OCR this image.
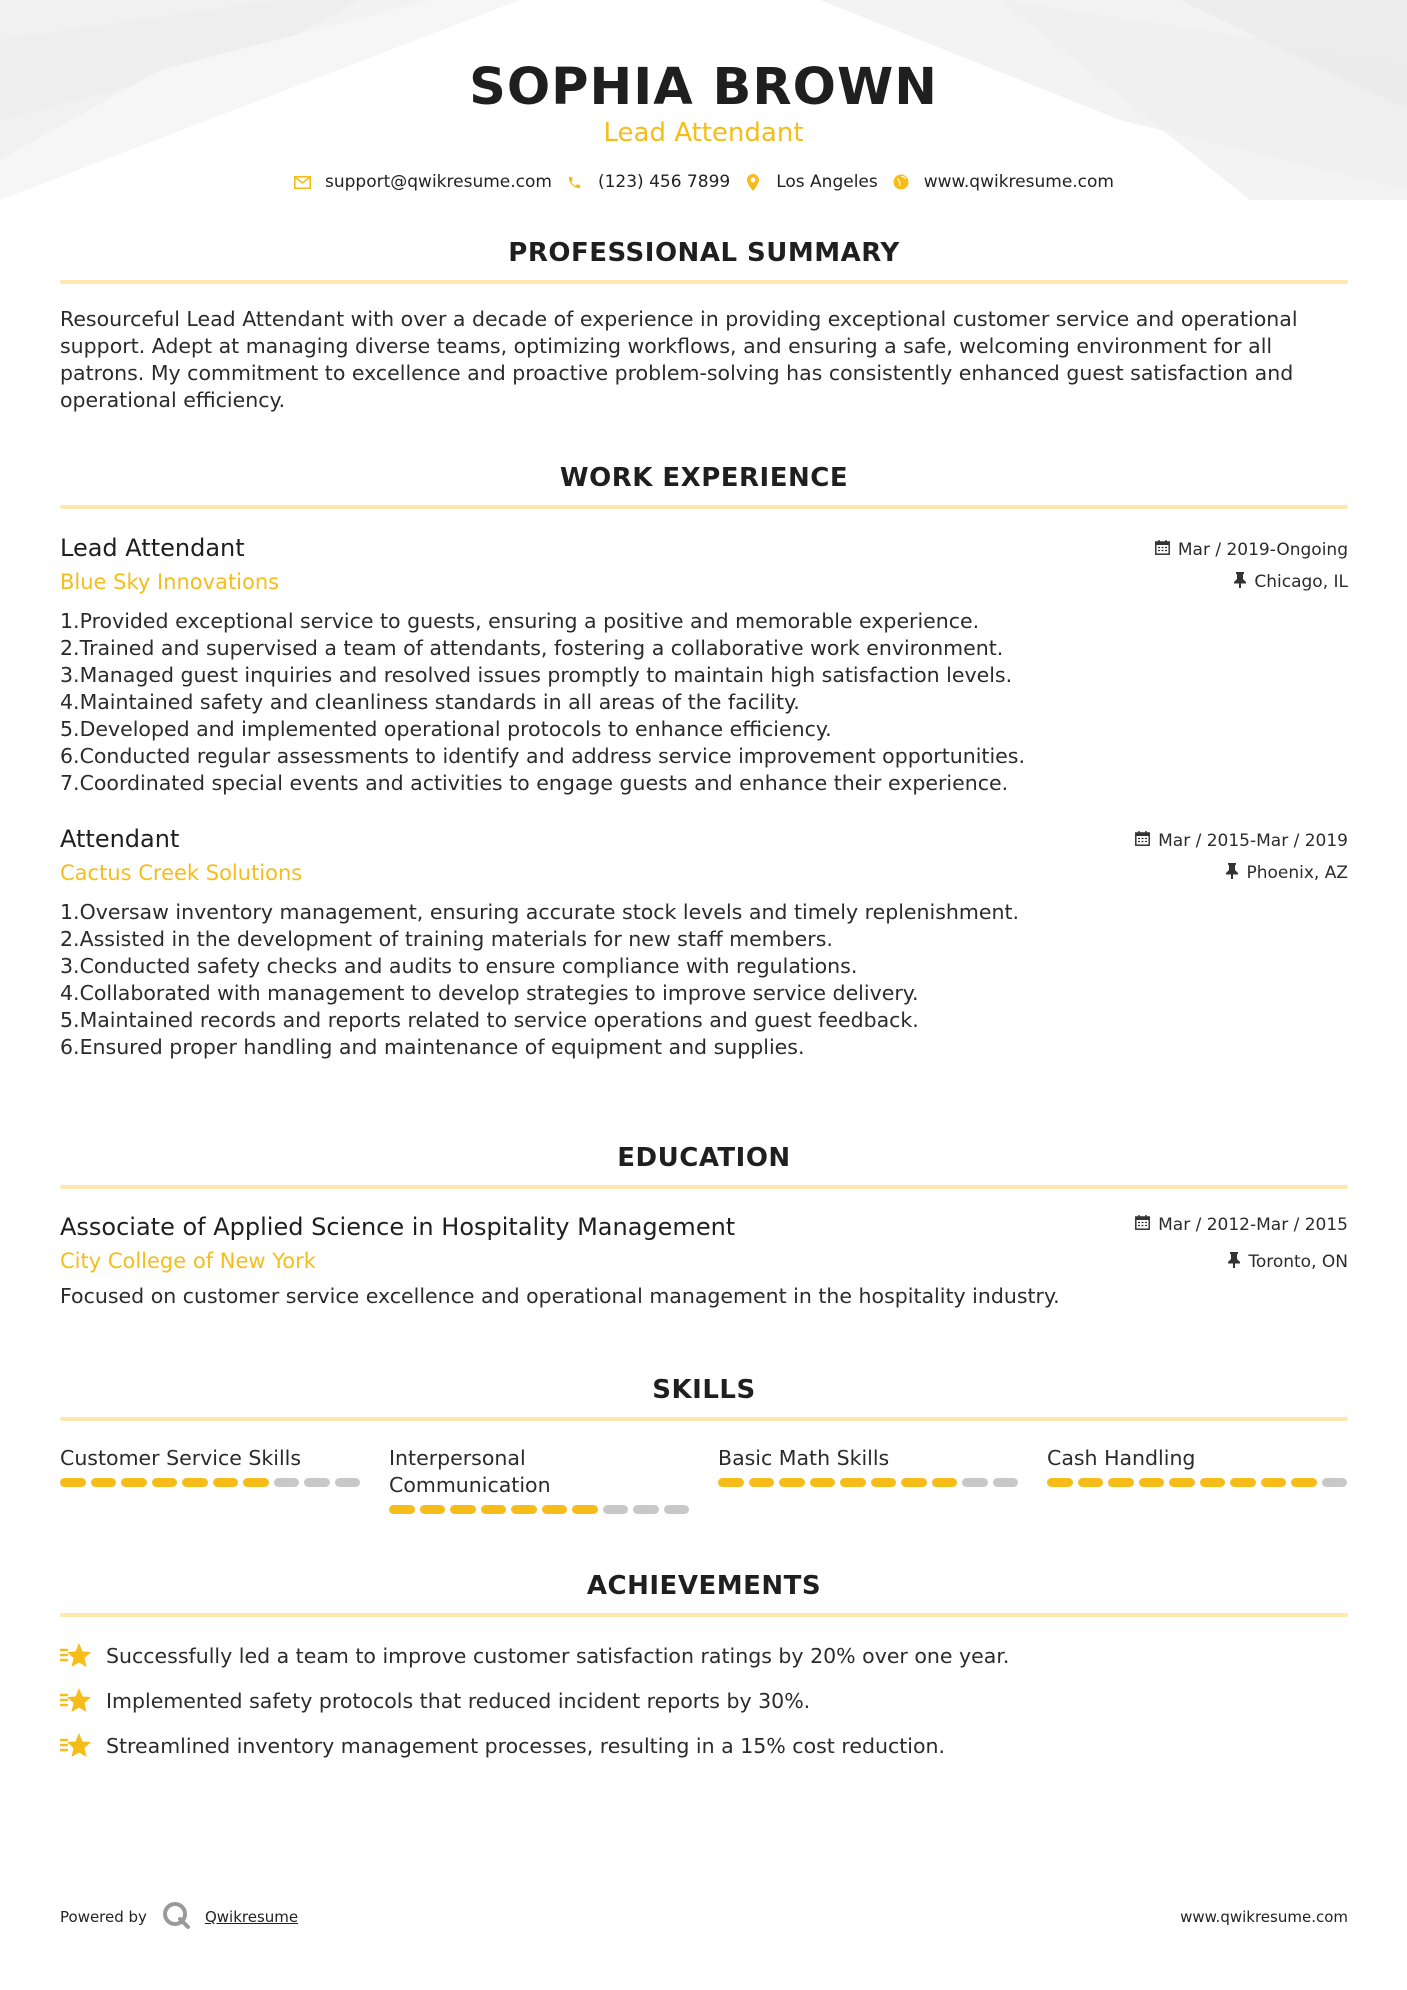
SOPHIA BROWN
Lead Attendant
support@qwikresume.com	(123) 456 7899	Los Angeles	www.qwikresume.com
PROFESSIONAL SUMMARY

Resourceful Lead Attendant with over a decade of experience in providing exceptional customer service and operational support. Adept at managing diverse teams, optimizing workflows, and ensuring a safe, welcoming environment for all patrons. My commitment to excellence and proactive problem-solving has consistently enhanced guest satisfaction and operational efficiency.

WORK EXPERIENCE
Lead Attendant
Blue Sky Innovations
Mar / 2019-Ongoing
Chicago, IL
1. Provided exceptional service to guests, ensuring a positive and memorable experience.
2. Trained and supervised a team of attendants, fostering a collaborative work environment.
3. Managed guest inquiries and resolved issues promptly to maintain high satisfaction levels.
4. Maintained safety and cleanliness standards in all areas of the facility.
5. Developed and implemented operational protocols to enhance efficiency.
6. Conducted regular assessments to identify and address service improvement opportunities.
7. Coordinated special events and activities to engage guests and enhance their experience.
Attendant
Cactus Creek Solutions
Mar / 2015-Mar / 2019
Phoenix, AZ
1. Oversaw inventory management, ensuring accurate stock levels and timely replenishment.
2. Assisted in the development of training materials for new staff members.
3. Conducted safety checks and audits to ensure compliance with regulations.
4. Collaborated with management to develop strategies to improve service delivery.
5. Maintained records and reports related to service operations and guest feedback.
6. Ensured proper handling and maintenance of equipment and supplies.
EDUCATION
Associate of Applied Science in Hospitality Management
City College of New York
Mar / 2012-Mar / 2015
Toronto, ON
Focused on customer service excellence and operational management in the hospitality industry.
SKILLS
Customer Service Skills	Interpersonal Communication
Basic Math Skills	Cash Handling
ACHIEVEMENTS
Successfully led a team to improve customer satisfaction ratings by 20% over one year.
Implemented safety protocols that reduced incident reports by 30%.
Streamlined inventory management processes, resulting in a 15% cost reduction.
Powered by	Qwikresume	www.qwikresume.com
